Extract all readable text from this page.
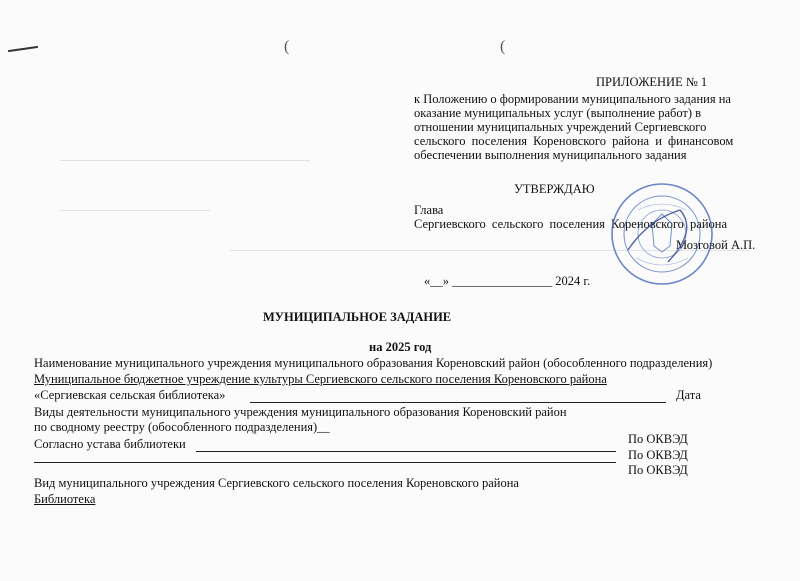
(	(
ПРИЛОЖЕНИЕ № 1
к Положению о формировании муниципального задания на
оказание муниципальных услуг (выполнение работ) в
отношении муниципальных учреждений Сергиевского
сельского поселения Кореновского района и финансовом
обеспечении выполнения муниципального задания
УТВЕРЖДАЮ
Глава
Сергиевского сельского поселения Кореновского района
Мозговой А.П.
«__» ________________ 2024 г.
МУНИЦИПАЛЬНОЕ ЗАДАНИЕ
на 2025 год
Наименование муниципального учреждения муниципального образования Кореновский район (обособленного подразделения)
Муниципальное бюджетное учреждение культуры Сергиевского сельского поселения Кореновского района
«Сергиевская сельская библиотека»	Дата
Виды деятельности муниципального учреждения муниципального образования Кореновский район
по сводному реестру (обособленного подразделения)__
По ОКВЭД
Согласно устава библиотеки
По ОКВЭД
По ОКВЭД
Вид муниципального учреждения Сергиевского сельского поселения Кореновского района
Библиотека
